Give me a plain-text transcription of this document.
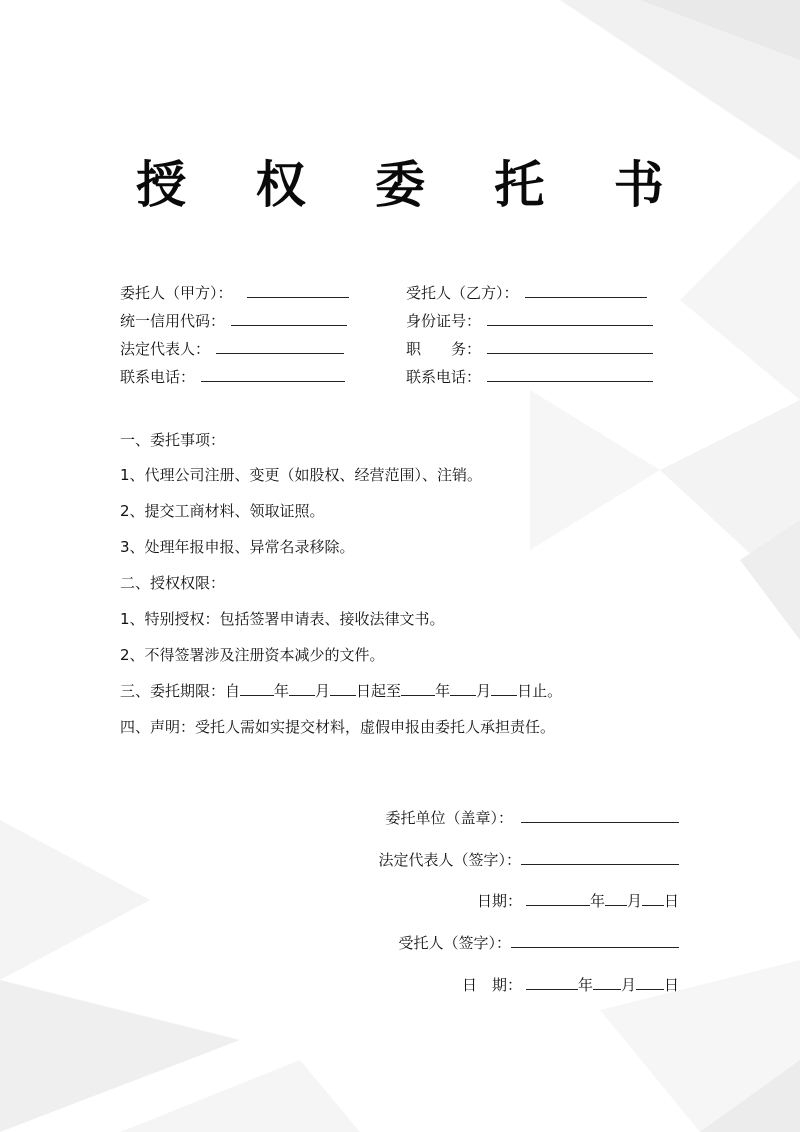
授 权 委 托 书
委托人（甲方）：
统一信用代码：
法定代表人：
联系电话：
受托人（乙方）：
身份证号：
职　　务：
联系电话：
一、委托事项：
1、代理公司注册、变更（如股权、经营范围）、注销。
2、提交工商材料、领取证照。
3、处理年报申报、异常名录移除。
二、授权权限：
1、特别授权：包括签署申请表、接收法律文书。
2、不得签署涉及注册资本减少的文件。
三、委托期限：自 年 月 日起至 年 月 日止。
四、声明：受托人需如实提交材料，虚假申报由委托人承担责任。
委托单位（盖章）：
法定代表人（签字）：
日期：	年 月 日
受托人（签字）：
日　期：	年 月 日
